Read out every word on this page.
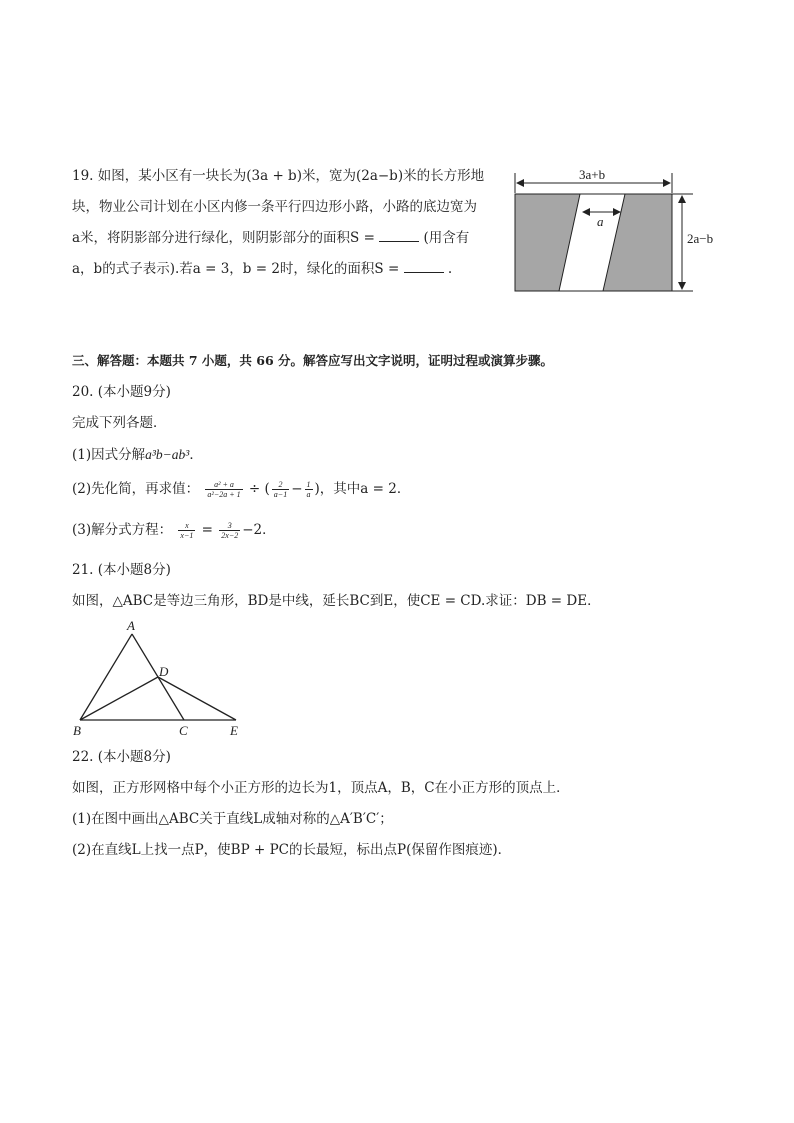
19. 如图，某小区有一块长为(3a + b)米，宽为(2a−b)米的长方形地
块，物业公司计划在小区内修一条平行四边形小路，小路的底边宽为
a米，将阴影部分进行绿化，则阴影部分的面积S =	(用含有
a，b的式子表示).若a = 3，b = 2时，绿化的面积S =	.
3a+b
2a−b
a
三、解答题：本题共 7 小题，共 66 分。解答应写出文字说明，证明过程或演算步骤。
20. (本小题9分)
完成下列各题．
(1)因式分解a³b−ab³．
(2)先化简，再求值： $\frac{\text{a² + a}}{\text{a²−2a + 1}}$ ÷ ( $\frac{2}{a-1} - \frac{1}{a}$ )，其中a = 2．
(3)解分式方程： $\frac{x}{x-1} = \frac{3}{2x-2} -2$．
21. (本小题8分)
如图，△ABC是等边三角形，BD是中线，延长BC到E，使CE = CD.求证：DB = DE．
A
B	C
D
E
22. (本小题8分)
如图，正方形网格中每个小正方形的边长为1，顶点A，B，C在小正方形的顶点上．
(1)在图中画出△ABC关于直线L成轴对称的△A′B′C′；
(2)在直线L上找一点P，使BP + PC的长最短，标出点P(保留作图痕迹)．
